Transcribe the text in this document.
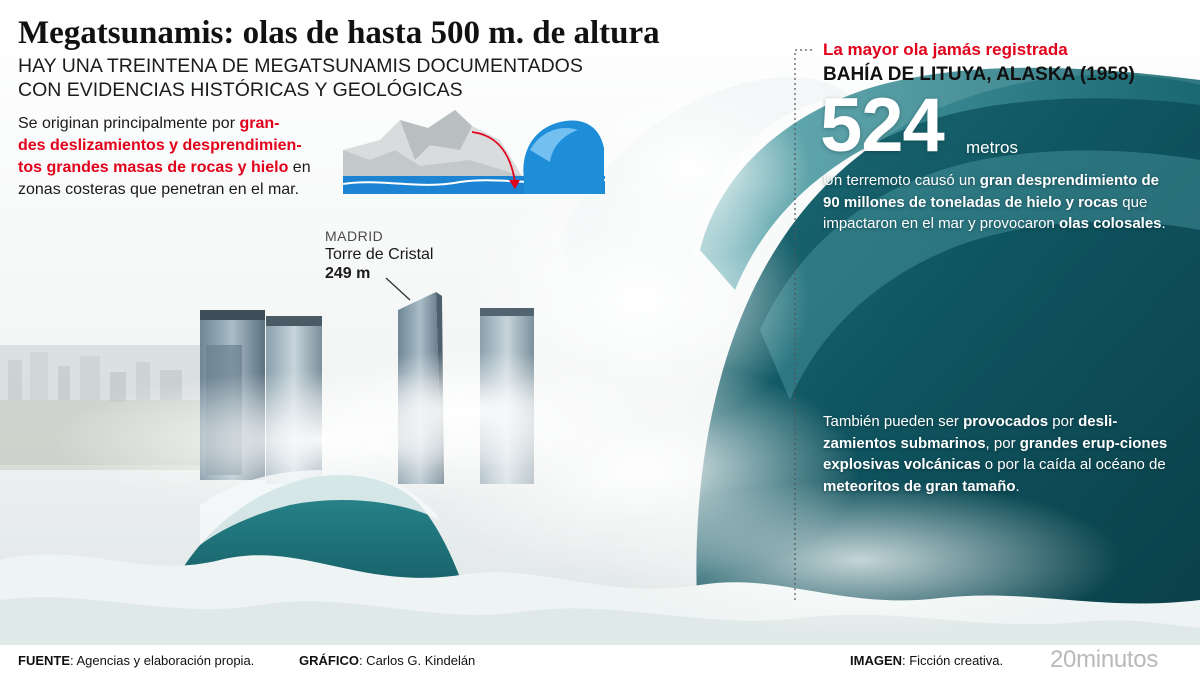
Megatsunamis: olas de hasta 500 m. de altura
HAY UNA TREINTENA DE MEGATSUNAMIS DOCUMENTADOS
CON EVIDENCIAS HISTÓRICAS Y GEOLÓGICAS
Se originan principalmente por gran-
des deslizamientos y desprendimien-
tos grandes masas de rocas y hielo en zonas costeras que penetran en el mar.
MADRID
Torre de Cristal
249 m
La mayor ola jamás registrada
BAHÍA DE LITUYA, ALASKA (1958)
524 metros
Un terremoto causó un gran desprendimiento de 90 millones de toneladas de hielo y rocas que impactaron en el mar y provocaron olas colosales.
También pueden ser provocados por desli-zamientos submarinos, por grandes erup-ciones explosivas volcánicas o por la caída al océano de meteoritos de gran tamaño.
FUENTE: Agencias y elaboración propia.	GRÁFICO: Carlos G. Kindelán	IMAGEN: Ficción creativa. 20minutos
